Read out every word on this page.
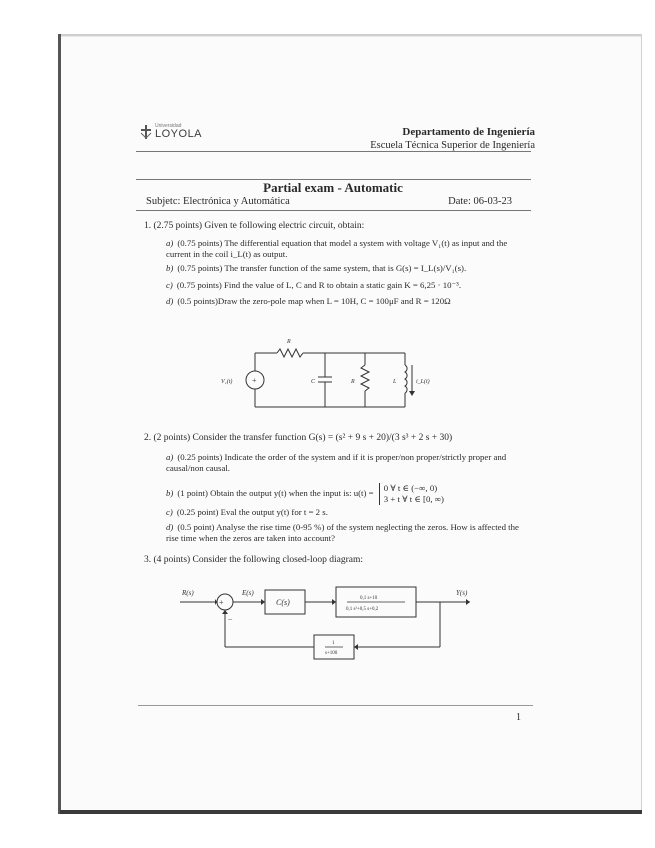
Universidad
LOYOLA	Departamento de Ingeniería
Escuela Técnica Superior de Ingeniería
Partial exam - Automatic
Subjetc: Electrónica y Automática	Date: 06-03-23
1. (2.75 points) Given te following electric circuit, obtain:
a) (0.75 points) The differential equation that model a system with voltage V₁(t) as input and the current in the coil i_L(t) as output.
b) (0.75 points) The transfer function of the same system, that is G(s) = I_L(s)/V₁(s).
c) (0.75 points) Find the value of L, C and R to obtain a static gain K = 6,25 · 10⁻³.
d) (0.5 points)Draw the zero-pole map when L = 10H, C = 100μF and R = 120Ω
+
R
V₁(t)	C	R	L	i_L(t)
2. (2 points) Consider the transfer function G(s) = (s² + 9 s + 20)/(3 s³ + 2 s + 30)
a) (0.25 points) Indicate the order of the system and if it is proper/non proper/strictly proper and causal/non causal.
b) (1 point) Obtain the output y(t) when the input is: u(t) =
0 ∀ t ∈ (−∞, 0)
3 + t ∀ t ∈ [0, ∞)
c) (0.25 point) Eval the output y(t) for t = 2 s.
d) (0.5 point) Analyse the rise time (0-95 %) of the system neglecting the zeros. How is affected the rise time when the zeros are taken into account?
3. (4 points) Consider the following closed-loop diagram:
R(s)	E(s)
+
−
C(s)	0,1 s+10
0,1 s²+0,5 s+0,2
Y(s)
1
s+100
1
